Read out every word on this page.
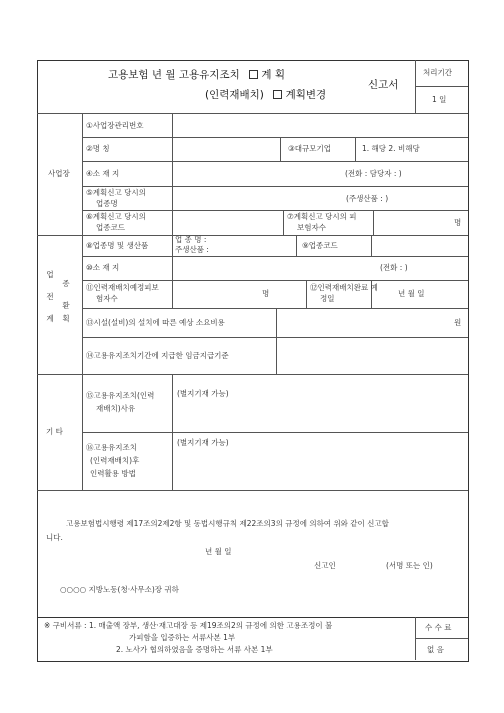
고용보험 년 월 고용유지조치 계 획
(인력재배치) 계획변경
신고서
처리기간
1 일
사업장
①사업장관리번호
②명 칭	③대규모기업	1. 해당 2. 비해당
④소 재 지	(전화 : 담당자 : )
⑤계획신고 당시의
업종명
(주생산품 : )
⑥계획신고 당시의
업종코드
⑦계획신고 당시의 피
보험자수
명
업
종
전
환
계	획
⑧업종명 및 생산품
업 종 명 :
주생산품 :	⑨업종코드
⑩소 재 지	(전화 : )
⑪인력재배치예정피보
험자수
명
⑫인력재배치완료 예
정일
년 월 일
⑬시설(설비)의 설치에 따른 예상 소요비용	원
⑭고용유지조치기간에 지급한 임금지급기준
기 타
⑮고용유지조치(인력
재배치)사유
(별지기재 가능)
⑯고용유지조치
(인력재배치)후
인력활용 방법
(별지기재 가능)
고용보험법시행령 제17조의2제2항 및 동법시행규칙 제22조의3의 규정에 의하여 위와 같이 신고합
니다.
년 월 일
신고인	(서명 또는 인)
○○○○ 지방노동(청·사무소)장 귀하
※ 구비서류 : 1. 매출액 장부, 생산·재고대장 등 제19조의2의 규정에 의한 고용조정이 불
가피함을 입증하는 서류사본 1부
2. 노사가 협의하였음을 증명하는 서류 사본 1부
수 수 료
없 음
